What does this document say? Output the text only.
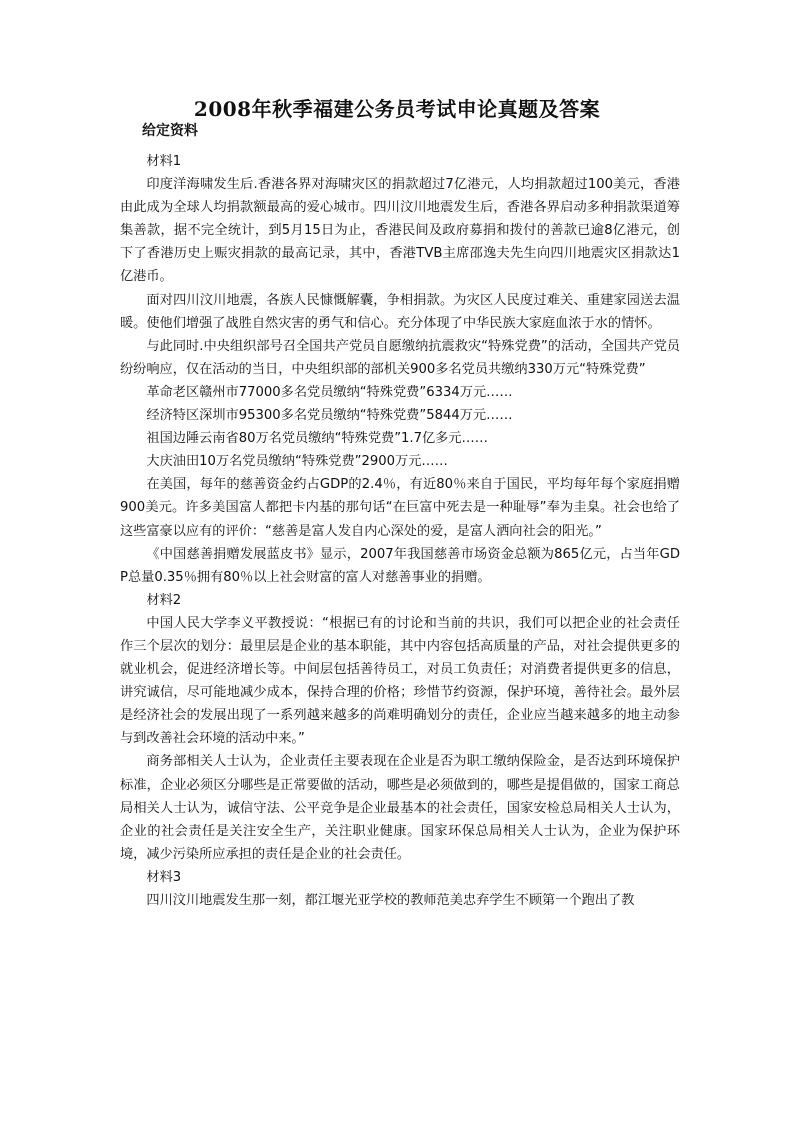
2008年秋季福建公务员考试申论真题及答案
给定资料

材料1

印度洋海啸发生后.香港各界对海啸灾区的捐款超过7亿港元，人均捐款超过100美元，香港由此成为全球人均捐款额最高的爱心城市。四川汶川地震发生后，香港各界启动多种捐款渠道筹集善款，据不完全统计，到5月15日为止，香港民间及政府募捐和拨付的善款已逾8亿港元，创下了香港历史上赈灾捐款的最高记录，其中，香港TVB主席邵逸夫先生向四川地震灾区捐款达1亿港币。

面对四川汶川地震，各族人民慷慨解囊，争相捐款。为灾区人民度过难关、重建家园送去温暖。使他们增强了战胜自然灾害的勇气和信心。充分体现了中华民族大家庭血浓于水的情怀。

与此同时.中央组织部号召全国共产党员自愿缴纳抗震救灾“特殊党费”的活动，全国共产党员纷纷响应，仅在活动的当日，中央组织部的部机关900多名党员共缴纳330万元“特殊党费”

革命老区赣州市77000多名党员缴纳“特殊党费”6334万元……

经济特区深圳市95300多名党员缴纳“特殊党费”5844万元……

祖国边陲云南省80万名党员缴纳“特殊党费”1.7亿多元……

大庆油田10万名党员缴纳“特殊党费”2900万元……

在美国，每年的慈善资金约占GDP的2.4％，有近80％来自于国民，平均每年每个家庭捐赠900美元。许多美国富人都把卡内基的那句话“在巨富中死去是一种耻辱”奉为圭臬。社会也给了这些富豪以应有的评价：“慈善是富人发自内心深处的爱，是富人洒向社会的阳光。”

《中国慈善捐赠发展蓝皮书》显示，2007年我国慈善市场资金总额为865亿元，占当年GDP总量0.35％拥有80％以上社会财富的富人对慈善事业的捐赠。

材料2

中国人民大学李义平教授说：“根据已有的讨论和当前的共识，我们可以把企业的社会责任作三个层次的划分：最里层是企业的基本职能，其中内容包括高质量的产品，对社会提供更多的就业机会，促进经济增长等。中间层包括善待员工，对员工负责任；对消费者提供更多的信息，讲究诚信，尽可能地减少成本，保持合理的价格；珍惜节约资源，保护环境，善待社会。最外层是经济社会的发展出现了一系列越来越多的尚难明确划分的责任，企业应当越来越多的地主动参与到改善社会环境的活动中来。”

商务部相关人士认为，企业责任主要表现在企业是否为职工缴纳保险金，是否达到环境保护标准，企业必须区分哪些是正常要做的活动，哪些是必须做到的，哪些是提倡做的，国家工商总局相关人士认为，诚信守法、公平竞争是企业最基本的社会责任，国家安检总局相关人士认为，企业的社会责任是关注安全生产，关注职业健康。国家环保总局相关人士认为，企业为保护环境，减少污染所应承担的责任是企业的社会责任。

材料3

四川汶川地震发生那一刻，都江堰光亚学校的教师范美忠弃学生不顾第一个跑出了教
